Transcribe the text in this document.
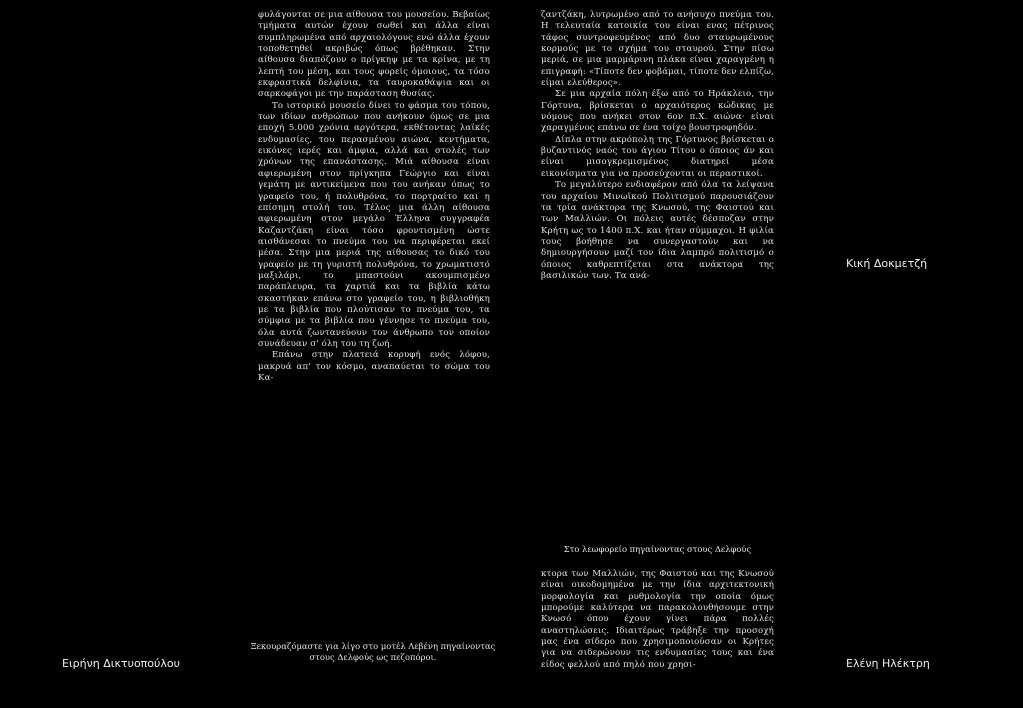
φυλάγονται σε μια αίθουσα του μουσείου. Βεβαίως τμήματα αυτών έχουν σωθεί και άλλα είναι συμπληρωμένα από αρχαιολόγους ενώ άλλα έχουν τοποθετηθεί ακριβώς όπως βρέθηκαν. Στην αίθουσα διαπόζουν ο πρίγκηψ με τα κρίνα, με τη λεπτή του μέση, και τους φορείς όμοιους, τα τόσο εκφραστικά δελφίνια, τα ταυροκαθάψια και οι σαρκοφάγοι με την παράσταση θυσίας.

Το ιστορικό μουσείο δίνει το φάσμα του τόπου, των ιδίων ανθρώπων που ανήκουν όμως σε μια εποχή 5.000 χρόνια αργότερα, εκθέτοντας λαϊκές ενδυμασίες, του περασμένου αιώνα, κεντήματα, εικόνες ιερές και άμφια, αλλά και στολές των χρόνων της επανάστασης. Μιά αίθουσα είναι αφιερωμένη στον πρίγκηπα Γεώργιο και είναι γεμάτη με αντικείμενα που του ανήκαν όπως το γραφείο του, ή πολυθρόνα, το πορτραίτο και η επίσημη στολή του. Τέλος μια άλλη αίθουσα αφιερωμένη στον μεγάλο Έλληνα συγγραφέα Καζαντζάκη είναι τόσο φροντισμένη ώστε αισθάνεσαι το πνεύμα του να περιφέρεται εκεί μέσα. Στην μια μεριά της αίθουσας το δικό του γραφείο με τη γυριστή πολυθρόνα, το χρωματιστό μαξιλάρι, το μπαστούνι ακουμπισμένο παράπλευρα, τα χαρτιά και τα βιβλία κάτω σκαστήκαν επάνω στο γραφείο του, η βιβλιοθήκη με τα βιβλία που πλούτισαν το πνεύμα του, τα σύμφια με τα βιβλία που γέννησε το πνεύμα του, όλα αυτά ζωντανεύουν τον άνθρωπο τον οποίον συνάδευαν σ' όλη του τη ζωή.

Επάνω στην πλατειά κορυφή ενός λόφου, μακρυά απ' τον κόσμο, αναπαύεται το σώμα του Κα-

ζαντζάκη, λυτρωμένο από το ανήσυχο πνεύμα του. Η τελευταία κατοικία του είναι ενας πέτρινος τάφος συντροφευμένος από δυο σταυρωμένους κορμούς με το σχήμα του σταυρού. Στην πίσω μεριά, σε μια μαρμάρινη πλάκα είναι χαραγμένη η επιγραφή: «Τίποτε δεν φοβάμαι, τίποτε δεν ελπίζω, είμαι ελεύθερος».

Σε μια αρχαία πόλη έξω από το Ηράκλειο, την Γόρτυνα, βρίσκεται ο αρχαιότερος κώδικας με νόμους που ανήκει στον 6ον π.Χ. αιώνα· είναι χαραγμένος επάνω σε ένα τοίχο βουστροφηδόν.

Δίπλα στην ακρόπολη της Γόρτυνος βρίσκεται ο βυζαντινός ναός του άγιου Τίτου ο όποιος άν και είναι μισογκρεμισμένος διατηρεί μέσα εικονίσματα για να προσεύχονται οι περαστικοί.

Το μεγαλύτερο ενδιαφέρον από όλα τα λείψανα του αρχαίου Μινωϊκού Πολιτισμού παρουσιάζουν τα τρία ανάκτορα της Κνωσού, της Φαιστού και των Μαλλιών. Οι πόλεις αυτές δέσποζαν στην Κρήτη ως το 1400 π.Χ. και ήταν σύμμαχοι. Η φιλία τους βοήθησε να συνεργαστούν και να δημιουργήσουν μαζί τον ίδια λαμπρό πολιτισμό ο όποιος καθρεπτίζεται στα ανάκτορα της βασιλικών των. Τα ανά-

Στο λεωφορείο πηγαίνοντας στους Δελφούς

κτορα των Μαλλιών, της Φαιστού και της Κνωσού είναι οικοδομημένα με την ίδια αρχιτεκτονική μορφολογία και ρυθμολογία την οποία όμως μπορούμε καλύτερα να παρακολουθήσουμε στην Κνωσό όπου έχουν γίνει πάρα πολλές αναστηλώσεις. Ιδιαιτέρως τράβηξε την προσοχή μας ένα σίδερο που χρησιμοποιούσαν οι Κρήτες για να σιδερώνουν τις ενδυμασίες τους και ένα είδος φελλού από πηλό που χρησι-

Ξεκουραζόμαστε για λίγο στο μοτέλ Λεβένη πηγαίνοντας
στους Δελφούς ως πεζοπόροι.
Ειρήνη Δικτυοπούλου
Κική Δοκμετζή
Ελένη Ηλέκτρη
